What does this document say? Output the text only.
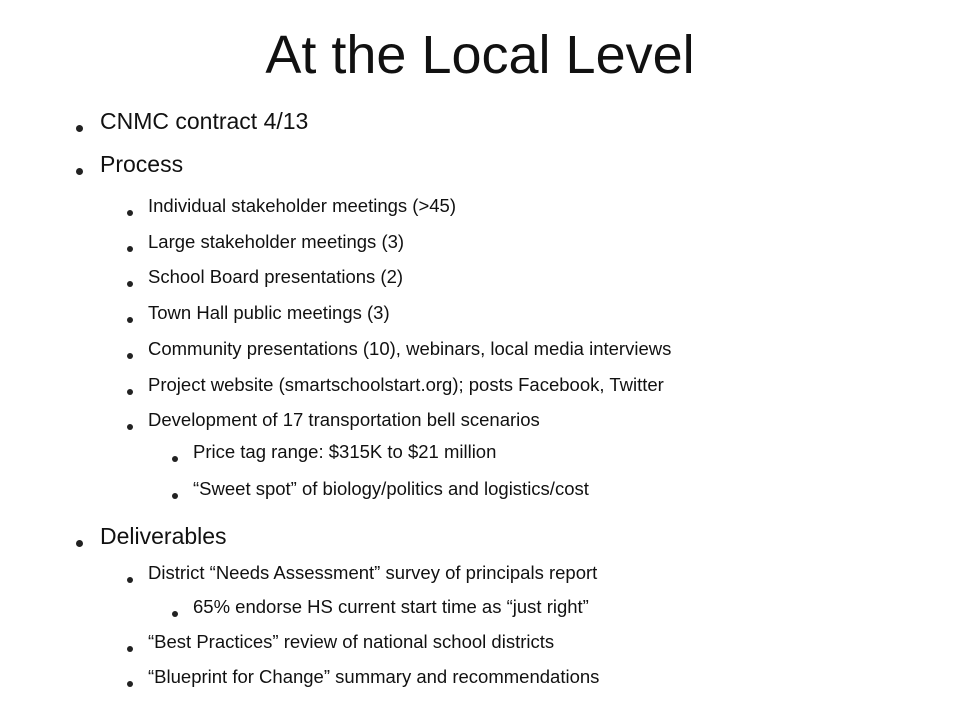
At the Local Level
CNMC contract 4/13
Process
Individual stakeholder meetings (>45)
Large stakeholder meetings (3)
School Board presentations (2)
Town Hall public meetings (3)
Community presentations (10), webinars, local media interviews
Project website (smartschoolstart.org); posts Facebook, Twitter
Development of 17 transportation bell scenarios
Price tag range: $315K to $21 million
“Sweet spot” of biology/politics and logistics/cost
Deliverables
District “Needs Assessment” survey of principals report
65% endorse HS current start time as “just right”
“Best Practices” review of national school districts
“Blueprint for Change” summary and recommendations
